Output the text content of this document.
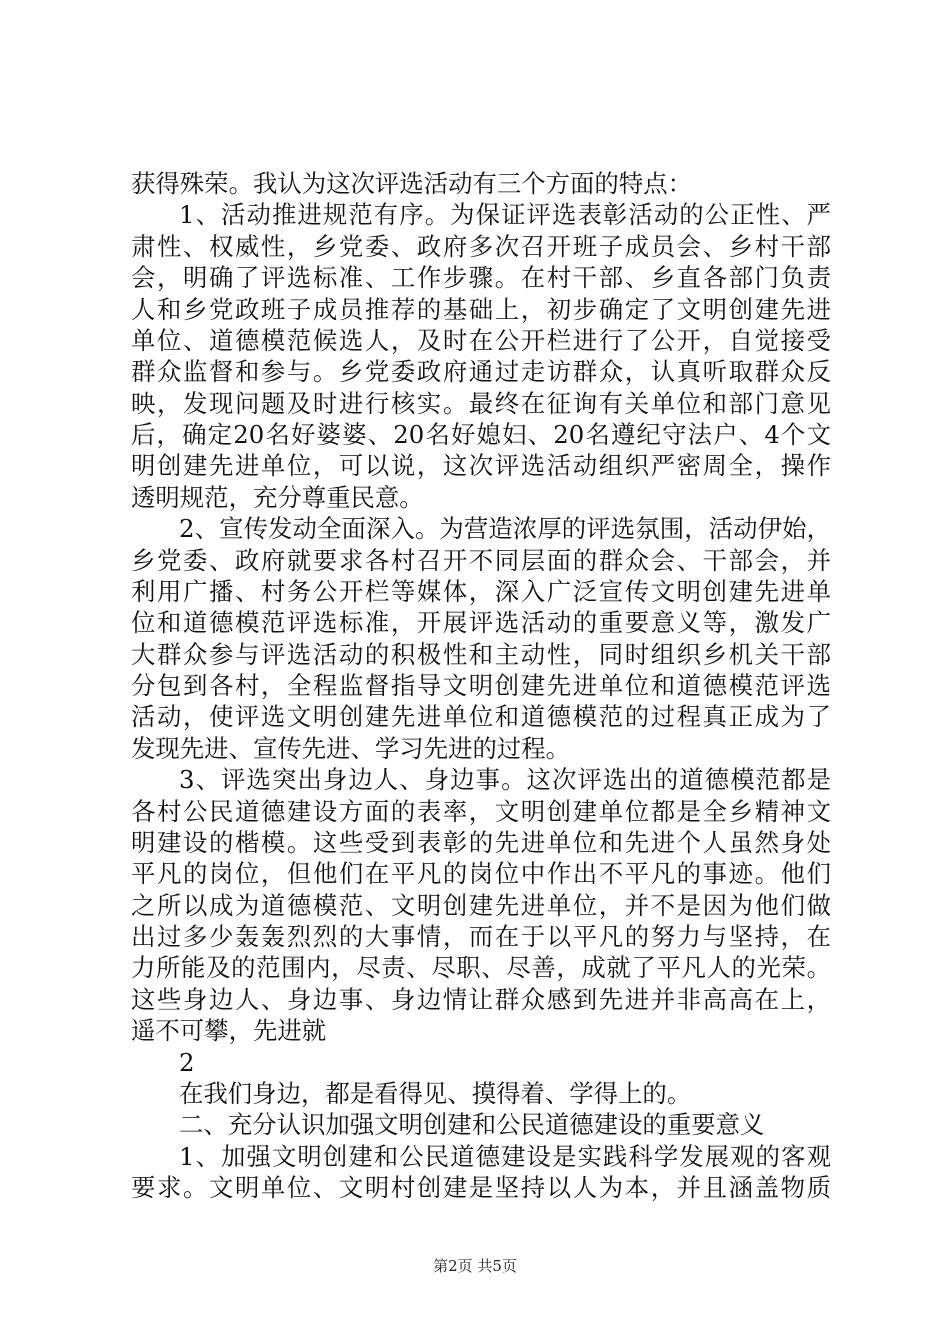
获得殊荣。我认为这次评选活动有三个方面的特点：
1、活动推进规范有序。为保证评选表彰活动的公正性、严
肃性、权威性，乡党委、政府多次召开班子成员会、乡村干部
会，明确了评选标准、工作步骤。在村干部、乡直各部门负责
人和乡党政班子成员推荐的基础上，初步确定了文明创建先进
单位、道德模范候选人，及时在公开栏进行了公开，自觉接受
群众监督和参与。乡党委政府通过走访群众，认真听取群众反
映，发现问题及时进行核实。最终在征询有关单位和部门意见
后，确定20名好婆婆、20名好媳妇、20名遵纪守法户、4个文
明创建先进单位，可以说，这次评选活动组织严密周全，操作
透明规范，充分尊重民意。
2、宣传发动全面深入。为营造浓厚的评选氛围，活动伊始，
乡党委、政府就要求各村召开不同层面的群众会、干部会，并
利用广播、村务公开栏等媒体，深入广泛宣传文明创建先进单
位和道德模范评选标准，开展评选活动的重要意义等，激发广
大群众参与评选活动的积极性和主动性，同时组织乡机关干部
分包到各村，全程监督指导文明创建先进单位和道德模范评选
活动，使评选文明创建先进单位和道德模范的过程真正成为了
发现先进、宣传先进、学习先进的过程。
3、评选突出身边人、身边事。这次评选出的道德模范都是
各村公民道德建设方面的表率，文明创建单位都是全乡精神文
明建设的楷模。这些受到表彰的先进单位和先进个人虽然身处
平凡的岗位，但他们在平凡的岗位中作出不平凡的事迹。他们
之所以成为道德模范、文明创建先进单位，并不是因为他们做
出过多少轰轰烈烈的大事情，而在于以平凡的努力与坚持，在
力所能及的范围内，尽责、尽职、尽善，成就了平凡人的光荣。
这些身边人、身边事、身边情让群众感到先进并非高高在上，
遥不可攀，先进就
2
在我们身边，都是看得见、摸得着、学得上的。
二、充分认识加强文明创建和公民道德建设的重要意义
1、加强文明创建和公民道德建设是实践科学发展观的客观
要求。文明单位、文明村创建是坚持以人为本，并且涵盖物质
第2页 共5页
